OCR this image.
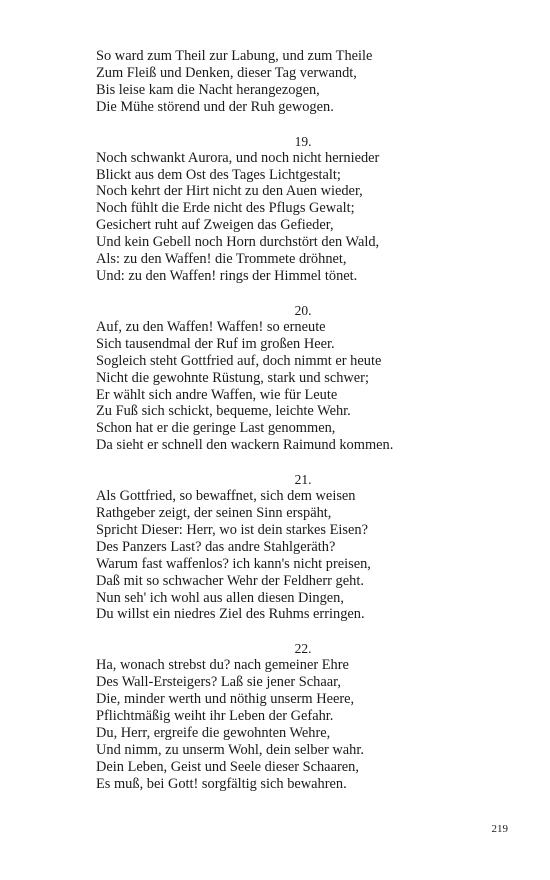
So ward zum Theil zur Labung, und zum Theile
Zum Fleiß und Denken, dieser Tag verwandt,
Bis leise kam die Nacht herangezogen,
Die Mühe störend und der Ruh gewogen.
19.
Noch schwankt Aurora, und noch nicht hernieder
Blickt aus dem Ost des Tages Lichtgestalt;
Noch kehrt der Hirt nicht zu den Auen wieder,
Noch fühlt die Erde nicht des Pflugs Gewalt;
Gesichert ruht auf Zweigen das Gefieder,
Und kein Gebell noch Horn durchstört den Wald,
Als: zu den Waffen! die Trommete dröhnet,
Und: zu den Waffen! rings der Himmel tönet.
20.
Auf, zu den Waffen! Waffen! so erneute
Sich tausendmal der Ruf im großen Heer.
Sogleich steht Gottfried auf, doch nimmt er heute
Nicht die gewohnte Rüstung, stark und schwer;
Er wählt sich andre Waffen, wie für Leute
Zu Fuß sich schickt, bequeme, leichte Wehr.
Schon hat er die geringe Last genommen,
Da sieht er schnell den wackern Raimund kommen.
21.
Als Gottfried, so bewaffnet, sich dem weisen
Rathgeber zeigt, der seinen Sinn erspäht,
Spricht Dieser: Herr, wo ist dein starkes Eisen?
Des Panzers Last? das andre Stahlgeräth?
Warum fast waffenlos? ich kann's nicht preisen,
Daß mit so schwacher Wehr der Feldherr geht.
Nun seh' ich wohl aus allen diesen Dingen,
Du willst ein niedres Ziel des Ruhms erringen.
22.
Ha, wonach strebst du? nach gemeiner Ehre
Des Wall-Ersteigers? Laß sie jener Schaar,
Die, minder werth und nöthig unserm Heere,
Pflichtmäßig weiht ihr Leben der Gefahr.
Du, Herr, ergreife die gewohnten Wehre,
Und nimm, zu unserm Wohl, dein selber wahr.
Dein Leben, Geist und Seele dieser Schaaren,
Es muß, bei Gott! sorgfältig sich bewahren.
219
